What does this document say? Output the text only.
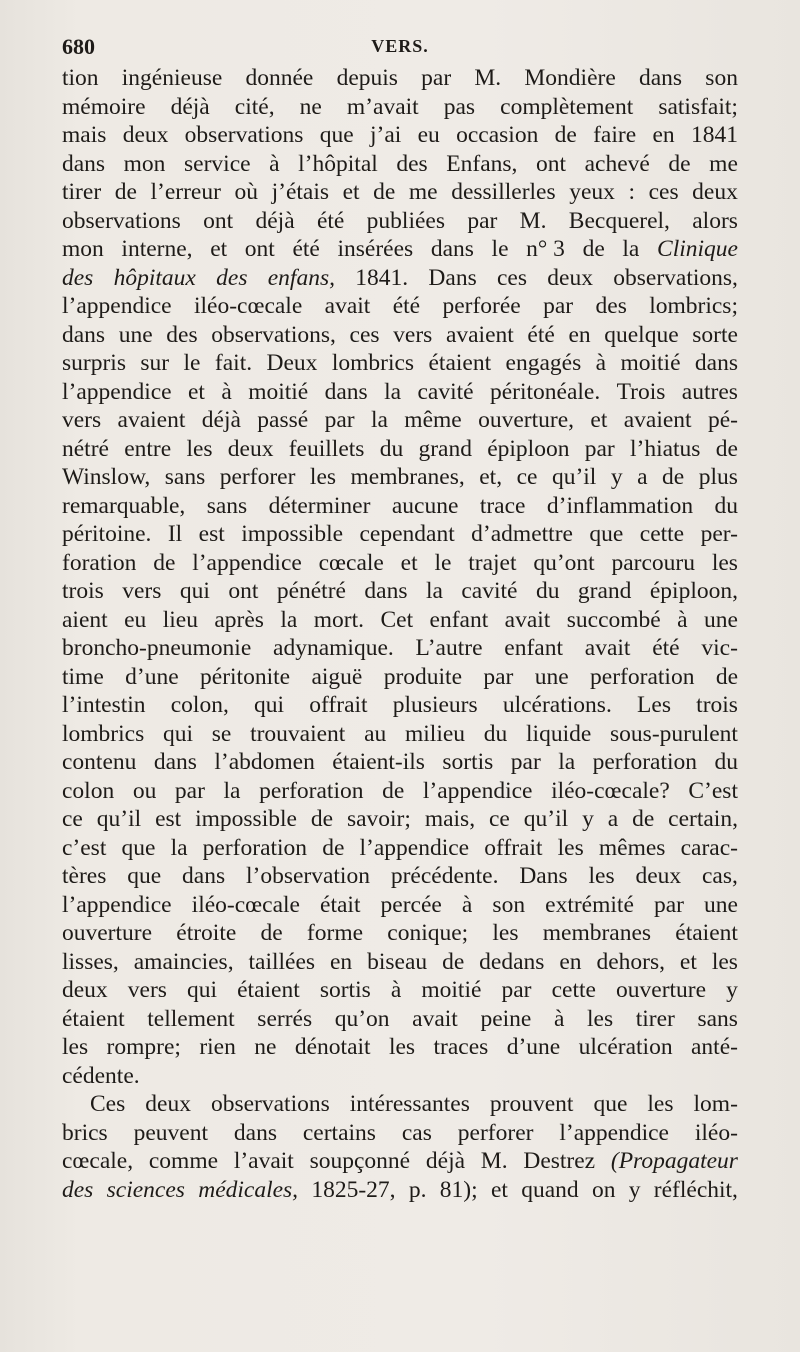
680	VERS.
tion ingénieuse donnée depuis par M. Mondière dans son
mémoire déjà cité, ne m’avait pas complètement satisfait;
mais deux observations que j’ai eu occasion de faire en 1841
dans mon service à l’hôpital des Enfans, ont achevé de me
tirer de l’erreur où j’étais et de me dessillerles yeux : ces deux
observations ont déjà été publiées par M. Becquerel, alors
mon interne, et ont été insérées dans le n° 3 de la Clinique
des hôpitaux des enfans, 1841. Dans ces deux observations,
l’appendice iléo-cœcale avait été perforée par des lombrics;
dans une des observations, ces vers avaient été en quelque sorte
surpris sur le fait. Deux lombrics étaient engagés à moitié dans
l’appendice et à moitié dans la cavité péritonéale. Trois autres
vers avaient déjà passé par la même ouverture, et avaient pé-
nétré entre les deux feuillets du grand épiploon par l’hiatus de
Winslow, sans perforer les membranes, et, ce qu’il y a de plus
remarquable, sans déterminer aucune trace d’inflammation du
péritoine. Il est impossible cependant d’admettre que cette per-
foration de l’appendice cœcale et le trajet qu’ont parcouru les
trois vers qui ont pénétré dans la cavité du grand épiploon,
aient eu lieu après la mort. Cet enfant avait succombé à une
broncho-pneumonie adynamique. L’autre enfant avait été vic-
time d’une péritonite aiguë produite par une perforation de
l’intestin colon, qui offrait plusieurs ulcérations. Les trois
lombrics qui se trouvaient au milieu du liquide sous-purulent
contenu dans l’abdomen étaient-ils sortis par la perforation du
colon ou par la perforation de l’appendice iléo-cœcale? C’est
ce qu’il est impossible de savoir; mais, ce qu’il y a de certain,
c’est que la perforation de l’appendice offrait les mêmes carac-
tères que dans l’observation précédente. Dans les deux cas,
l’appendice iléo-cœcale était percée à son extrémité par une
ouverture étroite de forme conique; les membranes étaient
lisses, amaincies, taillées en biseau de dedans en dehors, et les
deux vers qui étaient sortis à moitié par cette ouverture y
étaient tellement serrés qu’on avait peine à les tirer sans
les rompre; rien ne dénotait les traces d’une ulcération anté-
cédente.
Ces deux observations intéressantes prouvent que les lom-
brics peuvent dans certains cas perforer l’appendice iléo-
cœcale, comme l’avait soupçonné déjà M. Destrez (Propagateur
des sciences médicales, 1825-27, p. 81); et quand on y réfléchit,
